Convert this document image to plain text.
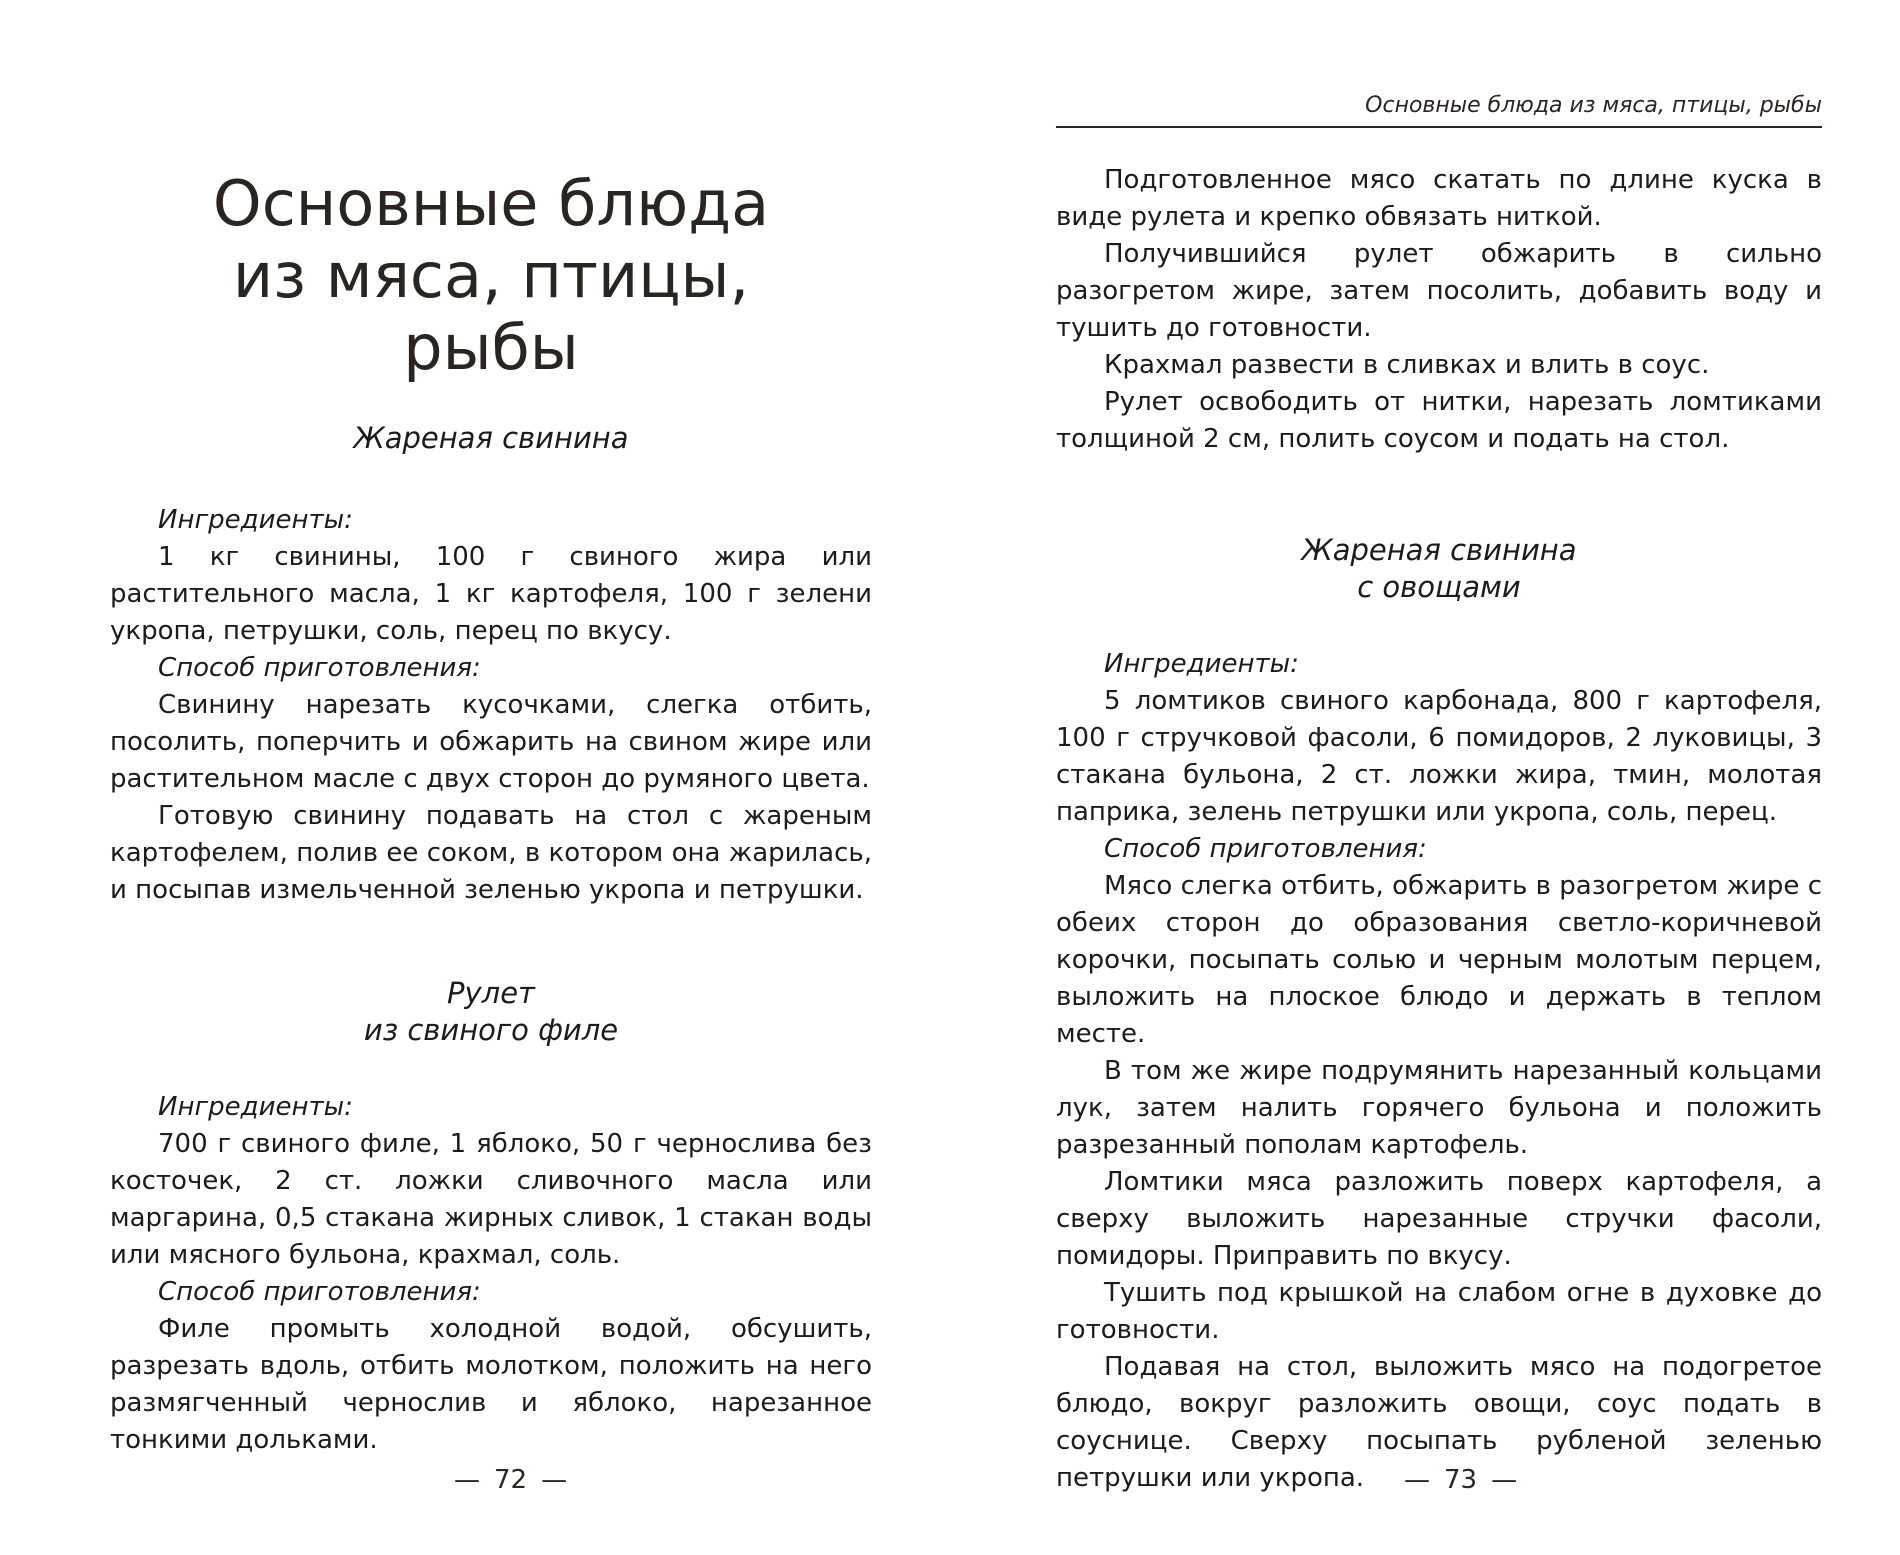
Основные блюда
из мяса, птицы,
рыбы
Жареная свинина

Ингредиенты:

1 кг свинины, 100 г свиного жира или растительного масла, 1 кг картофеля, 100 г зелени укропа, петрушки, соль, перец по вкусу.

Способ приготовления:

Свинину нарезать кусочками, слегка отбить, посолить, поперчить и обжарить на свином жире или растительном масле с двух сторон до румяного цвета.

Готовую свинину подавать на стол с жареным картофелем, полив ее соком, в котором она жарилась, и посыпав измельченной зеленью укропа и петрушки.

Рулет
из свиного филе

Ингредиенты:

700 г свиного филе, 1 яблоко, 50 г чернослива без косточек, 2 ст. ложки сливочного масла или маргарина, 0,5 стакана жирных сливок, 1 стакан воды или мясного бульона, крахмал, соль.

Способ приготовления:

Филе промыть холодной водой, обсушить, разрезать вдоль, отбить молотком, положить на него размягченный чернослив и яблоко, нарезанное тонкими дольками.

— 72 —
Основные блюда из мяса, птицы, рыбы

Подготовленное мясо скатать по длине куска в виде рулета и крепко обвязать ниткой.

Получившийся рулет обжарить в сильно разогретом жире, затем посолить, добавить воду и тушить до готовности.

Крахмал развести в сливках и влить в соус.

Рулет освободить от нитки, нарезать ломтиками толщиной 2 см, полить соусом и подать на стол.

Жареная свинина
с овощами

Ингредиенты:

5 ломтиков свиного карбонада, 800 г картофеля, 100 г стручковой фасоли, 6 помидоров, 2 луковицы, 3 стакана бульона, 2 ст. ложки жира, тмин, молотая паприка, зелень петрушки или укропа, соль, перец.

Способ приготовления:

Мясо слегка отбить, обжарить в разогретом жире с обеих сторон до образования светло-коричневой корочки, посыпать солью и черным молотым перцем, выложить на плоское блюдо и держать в теплом месте.

В том же жире подрумянить нарезанный кольцами лук, затем налить горячего бульона и положить разрезанный пополам картофель.

Ломтики мяса разложить поверх картофеля, а сверху выложить нарезанные стручки фасоли, помидоры. Приправить по вкусу.

Тушить под крышкой на слабом огне в духовке до готовности.

Подавая на стол, выложить мясо на подогретое блюдо, вокруг разложить овощи, соус подать в соуснице. Сверху посыпать рубленой зеленью петрушки или укропа.	— 73 —
